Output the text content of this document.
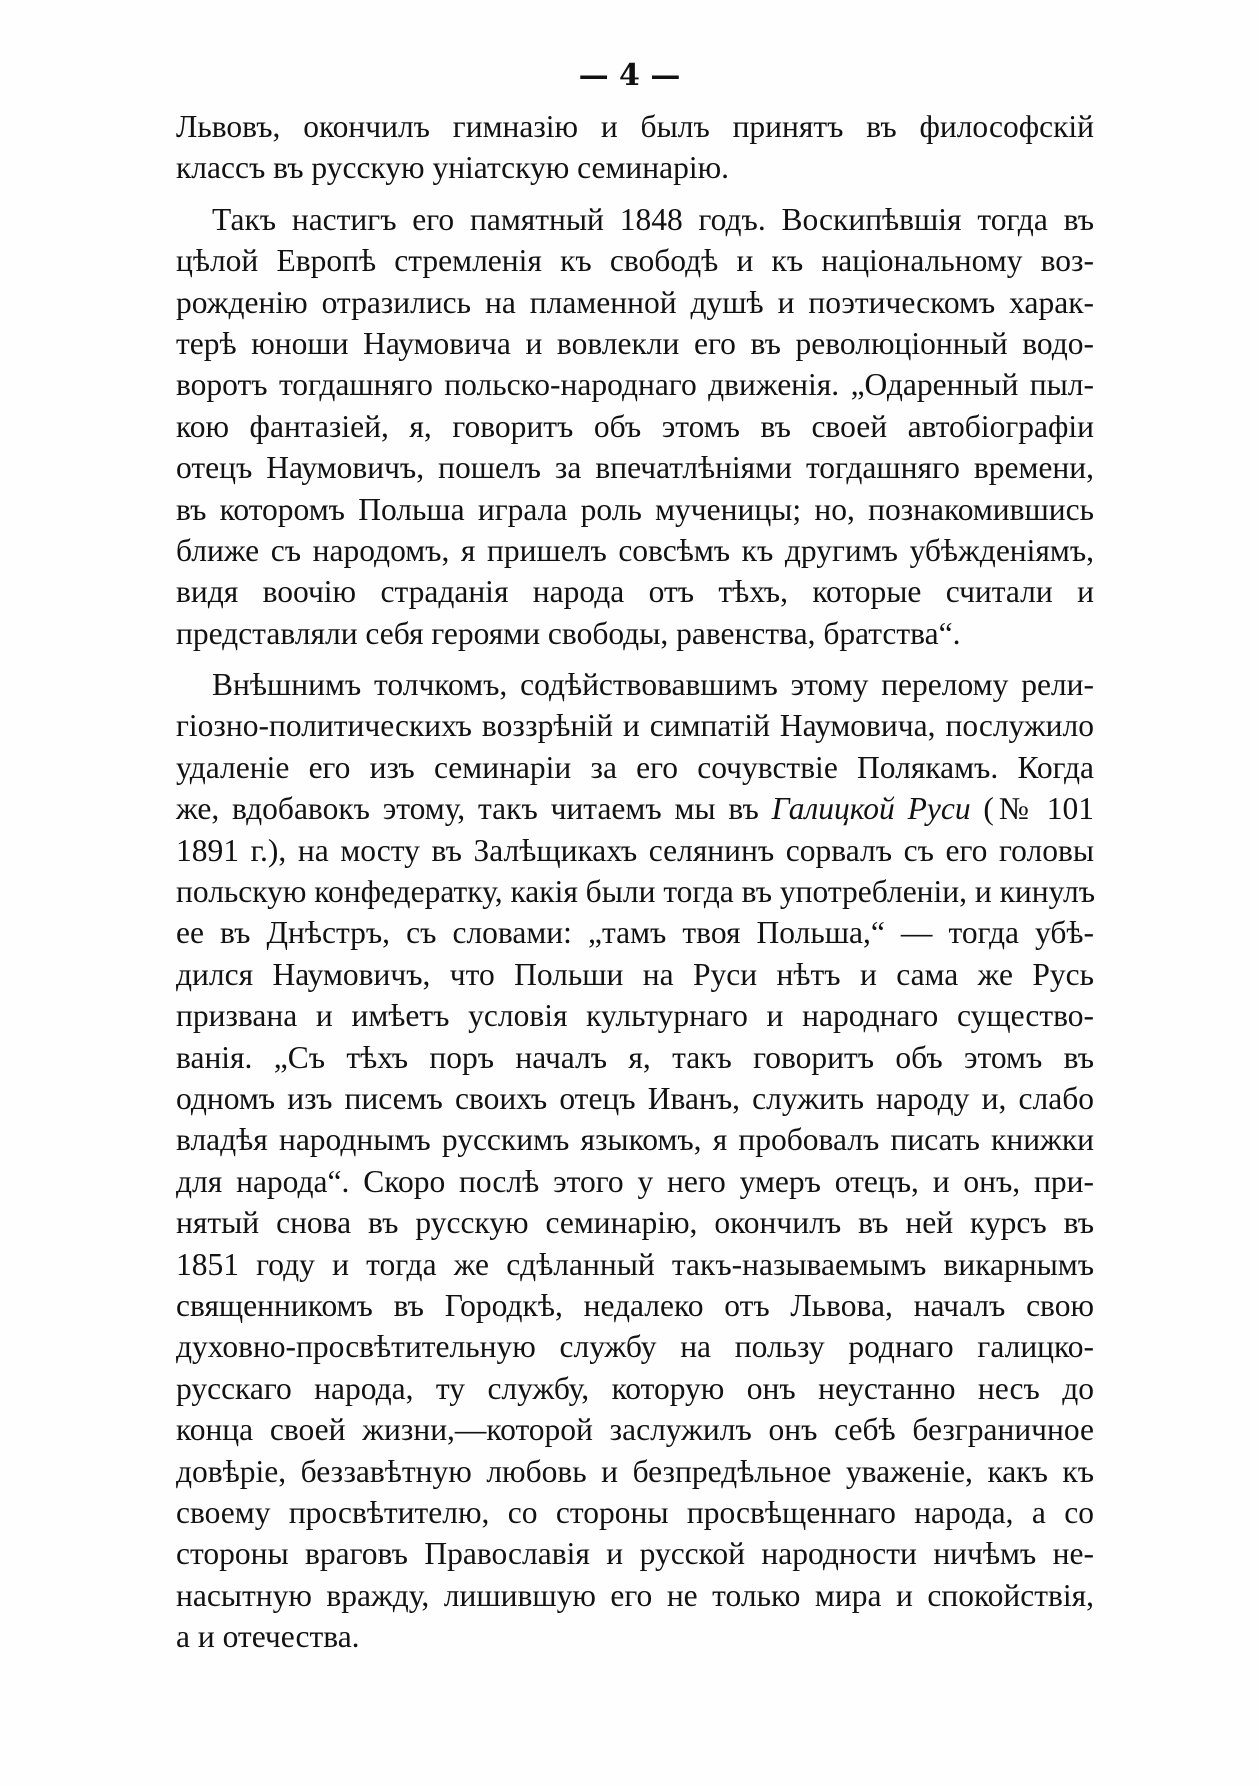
— 4 —
Львовъ, окончилъ гимназію и былъ принятъ въ философскій
классъ въ русскую уніатскую семинарію.
Такъ настигъ его памятный 1848 годъ. Воскипѣвшія тогда въ
цѣлой Европѣ стремленія къ свободѣ и къ національному воз-
рожденію отразились на пламенной душѣ и поэтическомъ харак-
терѣ юноши Наумовича и вовлекли его въ революціонный водо-
воротъ тогдашняго польско-народнаго движенія. „Одаренный пыл-
кою фантазіей, я, говоритъ объ этомъ въ своей автобіографіи
отецъ Наумовичъ, пошелъ за впечатлѣніями тогдашняго времени,
въ которомъ Польша играла роль мученицы; но, познакомившись
ближе съ народомъ, я пришелъ совсѣмъ къ другимъ убѣжденіямъ,
видя воочію страданія народа отъ тѣхъ, которые считали и
представляли себя героями свободы, равенства, братства“.
Внѣшнимъ толчкомъ, содѣйствовавшимъ этому перелому рели-
гіозно-политическихъ воззрѣній и симпатій Наумовича, послужило
удаленіе его изъ семинаріи за его сочувствіе Полякамъ. Когда
же, вдобавокъ этому, такъ читаемъ мы въ Галицкой Руси (№ 101
1891 г.), на мосту въ Залѣщикахъ селянинъ сорвалъ съ его головы
польскую конфедератку, какія были тогда въ употребленіи, и кинулъ
ее въ Днѣстръ, съ словами: „тамъ твоя Польша,“ — тогда убѣ-
дился Наумовичъ, что Польши на Руси нѣтъ и сама же Русь
призвана и имѣетъ условія культурнаго и народнаго существо-
ванія. „Съ тѣхъ поръ началъ я, такъ говоритъ объ этомъ въ
одномъ изъ писемъ своихъ отецъ Иванъ, служить народу и, слабо
владѣя народнымъ русскимъ языкомъ, я пробовалъ писать книжки
для народа“. Скоро послѣ этого у него умеръ отецъ, и онъ, при-
нятый снова въ русскую семинарію, окончилъ въ ней курсъ въ
1851 году и тогда же сдѣланный такъ-называемымъ викарнымъ
священникомъ въ Городкѣ, недалеко отъ Львова, началъ свою
духовно-просвѣтительную службу на пользу роднаго галицко-
русскаго народа, ту службу, которую онъ неустанно несъ до
конца своей жизни,—которой заслужилъ онъ себѣ безграничное
довѣріе, беззавѣтную любовь и безпредѣльное уваженіе, какъ къ
своему просвѣтителю, со стороны просвѣщеннаго народа, а со
стороны враговъ Православія и русской народности ничѣмъ не-
насытную вражду, лишившую его не только мира и спокойствія,
а и отечества.
